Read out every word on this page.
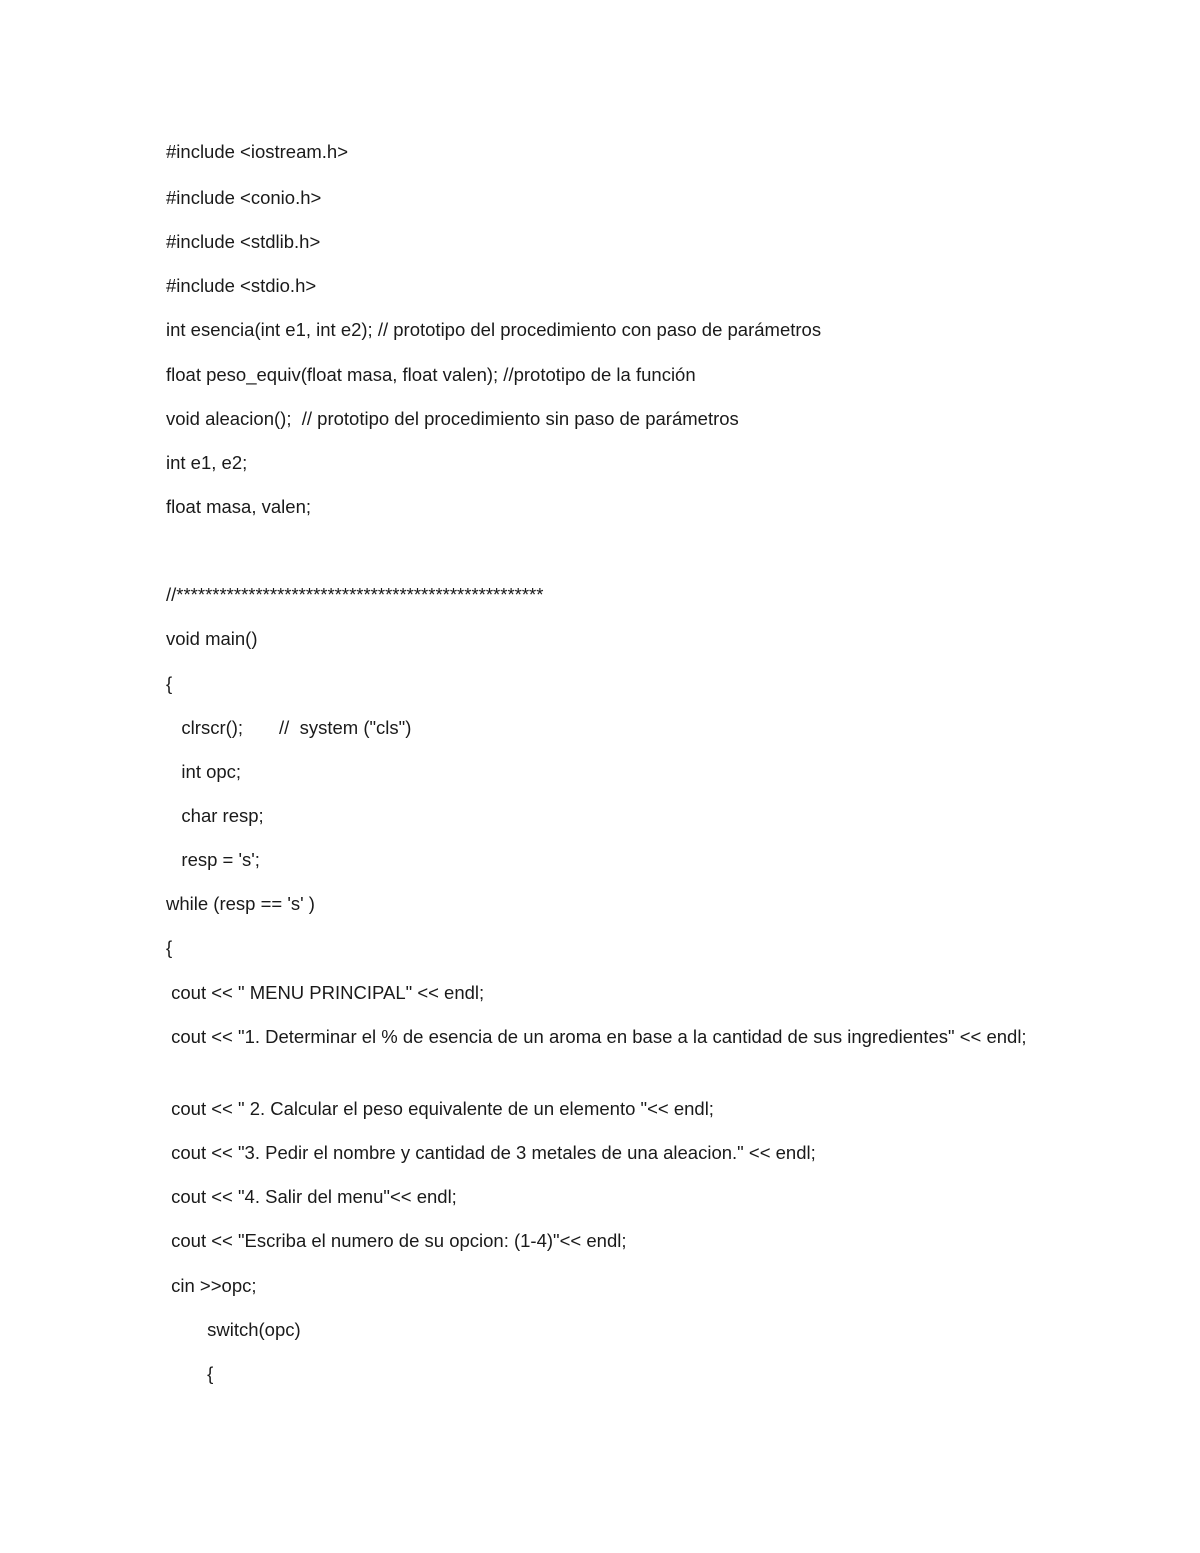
#include <iostream.h>
#include <conio.h>
#include <stdlib.h>
#include <stdio.h>
int esencia(int e1, int e2); // prototipo del procedimiento con paso de parámetros
float peso_equiv(float masa, float valen); //prototipo de la función
void aleacion();  // prototipo del procedimiento sin paso de parámetros
int e1, e2;
float masa, valen;
//***************************************************
void main()
{
clrscr();       //  system ("cls")
int opc;
char resp;
resp = 's';
while (resp == 's' )
{
cout << " MENU PRINCIPAL" << endl;
cout << "1. Determinar el % de esencia de un aroma en base a la cantidad de sus ingredientes" << endl;
cout << " 2. Calcular el peso equivalente de un elemento "<< endl;
cout << "3. Pedir el nombre y cantidad de 3 metales de una aleacion." << endl;
cout << "4. Salir del menu"<< endl;
cout << "Escriba el numero de su opcion: (1-4)"<< endl;
cin >>opc;
switch(opc)
{
